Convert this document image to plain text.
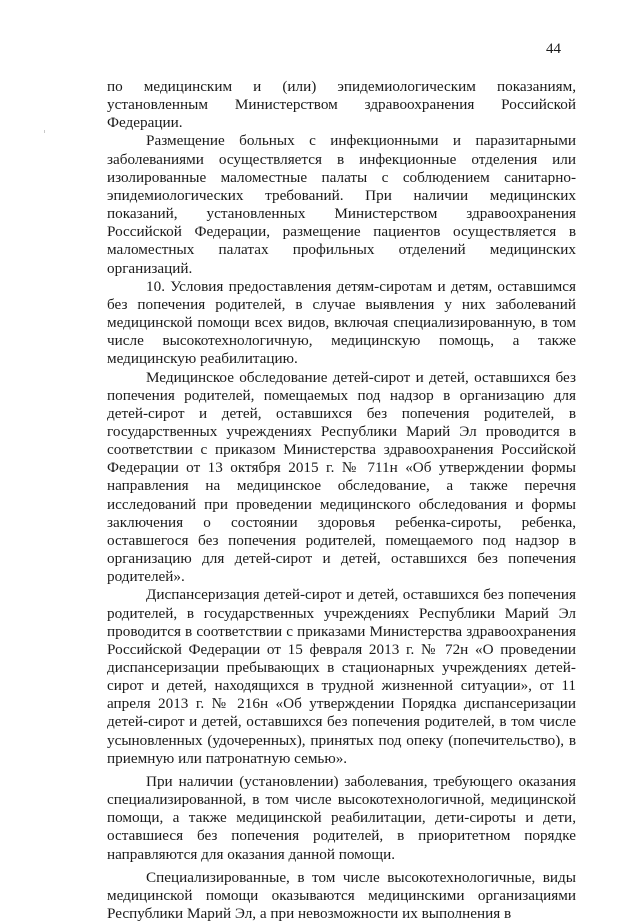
44

по медицинским и (или) эпидемиологическим показаниям, установленным Министерством здравоохранения Российской Федерации.

Размещение больных с инфекционными и паразитарными заболеваниями осуществляется в инфекционные отделения или изолированные маломестные палаты с соблюдением санитарно-эпидемиологических требований. При наличии медицинских показаний, установленных Министерством здравоохранения Российской Федерации, размещение пациентов осуществляется в маломестных палатах профильных отделений медицинских организаций.

10. Условия предоставления детям-сиротам и детям, оставшимся без попечения родителей, в случае выявления у них заболеваний медицинской помощи всех видов, включая специализированную, в том числе высокотехнологичную, медицинскую помощь, а также медицинскую реабилитацию.

Медицинское обследование детей-сирот и детей, оставшихся без попечения родителей, помещаемых под надзор в организацию для детей-сирот и детей, оставшихся без попечения родителей, в государственных учреждениях Республики Марий Эл проводится в соответствии с приказом Министерства здравоохранения Российской Федерации от 13 октября 2015 г. № 711н «Об утверждении формы направления на медицинское обследование, а также перечня исследований при проведении медицинского обследования и формы заключения о состоянии здоровья ребенка-сироты, ребенка, оставшегося без попечения родителей, помещаемого под надзор в организацию для детей-сирот и детей, оставшихся без попечения родителей».

Диспансеризация детей-сирот и детей, оставшихся без попечения родителей, в государственных учреждениях Республики Марий Эл проводится в соответствии с приказами Министерства здравоохранения Российской Федерации от 15 февраля 2013 г. № 72н «О проведении диспансеризации пребывающих в стационарных учреждениях детей-сирот и детей, находящихся в трудной жизненной ситуации», от 11 апреля 2013 г. № 216н «Об утверждении Порядка диспансеризации детей-сирот и детей, оставшихся без попечения родителей, в том числе усыновленных (удочеренных), принятых под опеку (попечительство), в приемную или патронатную семью».

При наличии (установлении) заболевания, требующего оказания специализированной, в том числе высокотехнологичной, медицинской помощи, а также медицинской реабилитации, дети-сироты и дети, оставшиеся без попечения родителей, в приоритетном порядке направляются для оказания данной помощи.

Специализированные, в том числе высокотехнологичные, виды медицинской помощи оказываются медицинскими организациями Республики Марий Эл, а при невозможности их выполнения в
